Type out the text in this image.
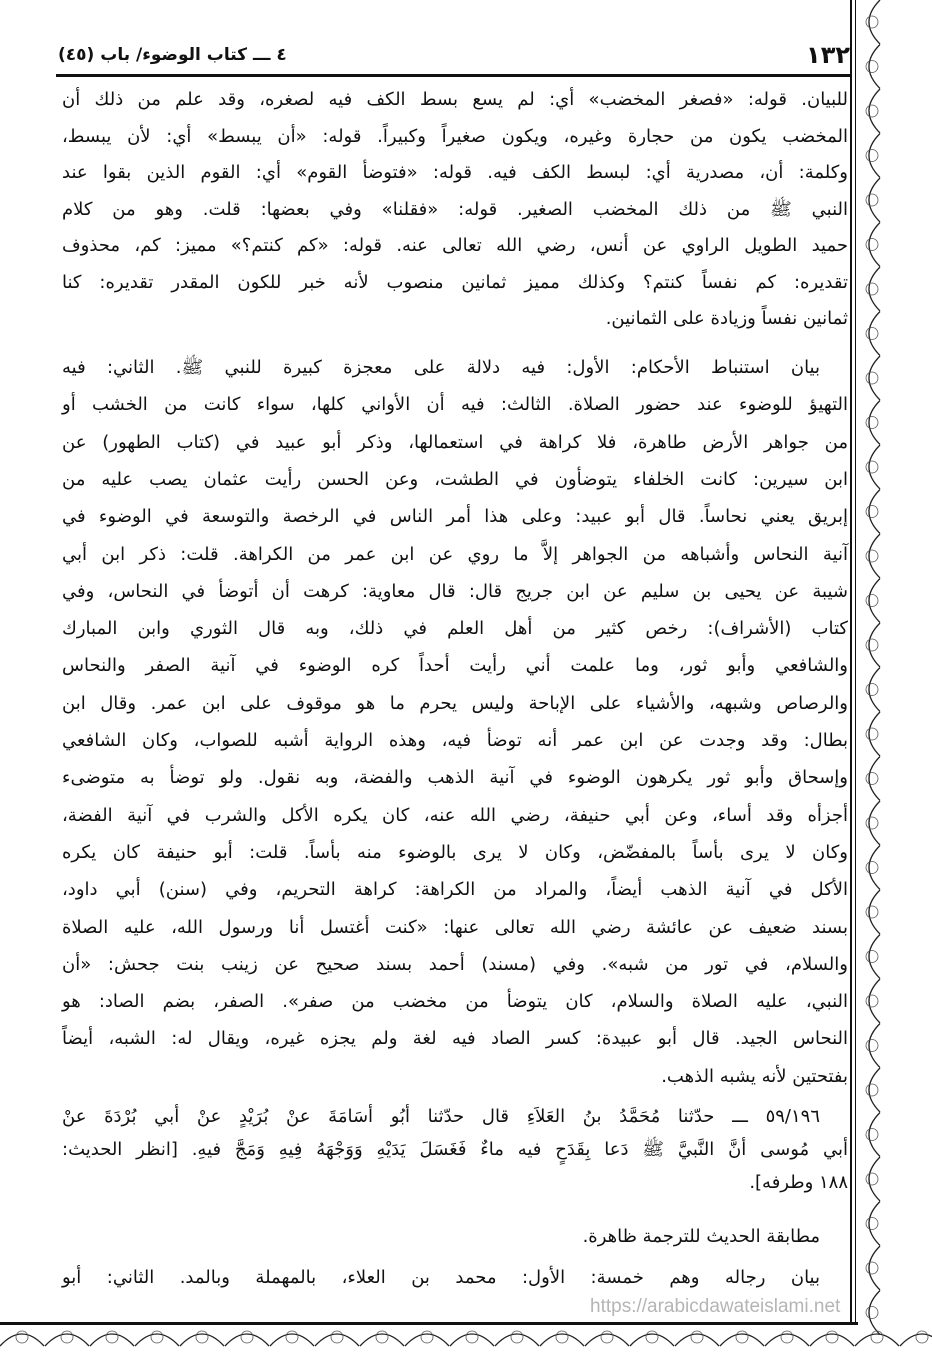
١٣٢
٤ ـــ كتاب الوضوء/ باب (٤٥)
للبيان. قوله: «فصغر المخضب» أي: لم يسع بسط الكف فيه لصغره، وقد علم من ذلك أن
المخضب يكون من حجارة وغيره، ويكون صغيراً وكبيراً. قوله: «أن يبسط» أي: لأن يبسط،
وكلمة: أن، مصدرية أي: لبسط الكف فيه. قوله: «فتوضأ القوم» أي: القوم الذين بقوا عند
النبي ﷺ من ذلك المخضب الصغير. قوله: «فقلنا» وفي بعضها: قلت. وهو من كلام
حميد الطويل الراوي عن أنس، رضي الله تعالى عنه. قوله: «كم كنتم؟» مميز: كم، محذوف
تقديره: كم نفساً كنتم؟ وكذلك مميز ثمانين منصوب لأنه خبر للكون المقدر تقديره: كنا
ثمانين نفساً وزيادة على الثمانين.
بيان استنباط الأحكام: الأول: فيه دلالة على معجزة كبيرة للنبي ﷺ. الثاني: فيه
التهيؤ للوضوء عند حضور الصلاة. الثالث: فيه أن الأواني كلها، سواء كانت من الخشب أو
من جواهر الأرض طاهرة، فلا كراهة في استعمالها، وذكر أبو عبيد في (كتاب الطهور) عن
ابن سيرين: كانت الخلفاء يتوضأون في الطشت، وعن الحسن رأيت عثمان يصب عليه من
إبريق يعني نحاساً. قال أبو عبيد: وعلى هذا أمر الناس في الرخصة والتوسعة في الوضوء في
آنية النحاس وأشباهه من الجواهر إلاَّ ما روي عن ابن عمر من الكراهة. قلت: ذكر ابن أبي
شيبة عن يحيى بن سليم عن ابن جريج قال: قال معاوية: كرهت أن أتوضأ في النحاس، وفي
كتاب (الأشراف): رخص كثير من أهل العلم في ذلك، وبه قال الثوري وابن المبارك
والشافعي وأبو ثور، وما علمت أني رأيت أحداً كره الوضوء في آنية الصفر والنحاس
والرصاص وشبهه، والأشياء على الإباحة وليس يحرم ما هو موقوف على ابن عمر. وقال ابن
بطال: وقد وجدت عن ابن عمر أنه توضأ فيه، وهذه الرواية أشبه للصواب، وكان الشافعي
وإسحاق وأبو ثور يكرهون الوضوء في آنية الذهب والفضة، وبه نقول. ولو توضأ به متوضىء
أجزأه وقد أساء، وعن أبي حنيفة، رضي الله عنه، كان يكره الأكل والشرب في آنية الفضة،
وكان لا يرى بأساً بالمفضّض، وكان لا يرى بالوضوء منه بأساً. قلت: أبو حنيفة كان يكره
الأكل في آنية الذهب أيضاً، والمراد من الكراهة: كراهة التحريم، وفي (سنن) أبي داود،
بسند ضعيف عن عائشة رضي الله تعالى عنها: «كنت أغتسل أنا ورسول الله، عليه الصلاة
والسلام، في تور من شبه». وفي (مسند) أحمد بسند صحيح عن زينب بنت جحش: «أن
النبي، عليه الصلاة والسلام، كان يتوضأ من مخضب من صفر». الصفر، بضم الصاد: هو
النحاس الجيد. قال أبو عبيدة: كسر الصاد فيه لغة ولم يجزه غيره، ويقال له: الشبه، أيضاً
بفتحتين لأنه يشبه الذهب.
٥٩/١٩٦ ـــ حدّثنا مُحَمَّدُ بنُ العَلاَءِ قال حدّثنا أبُو أسَامَةَ عنْ بُرَيْدٍ عنْ أبي بُرْدَةَ عنْ
أبي مُوسى أنَّ النَّبيَّ ﷺ دَعا بِقَدَحٍ فيه ماءٌ فَغَسَلَ يَدَيْهِ وَوَجْهَهُ فِيهِ وَمَجَّ فيهِ. [انظر الحديث:
١٨٨ وطرفه].
مطابقة الحديث للترجمة ظاهرة.
بيان رجاله وهم خمسة: الأول: محمد بن العلاء، بالمهملة وبالمد. الثاني: أبو
https://arabicdawateislami.net
